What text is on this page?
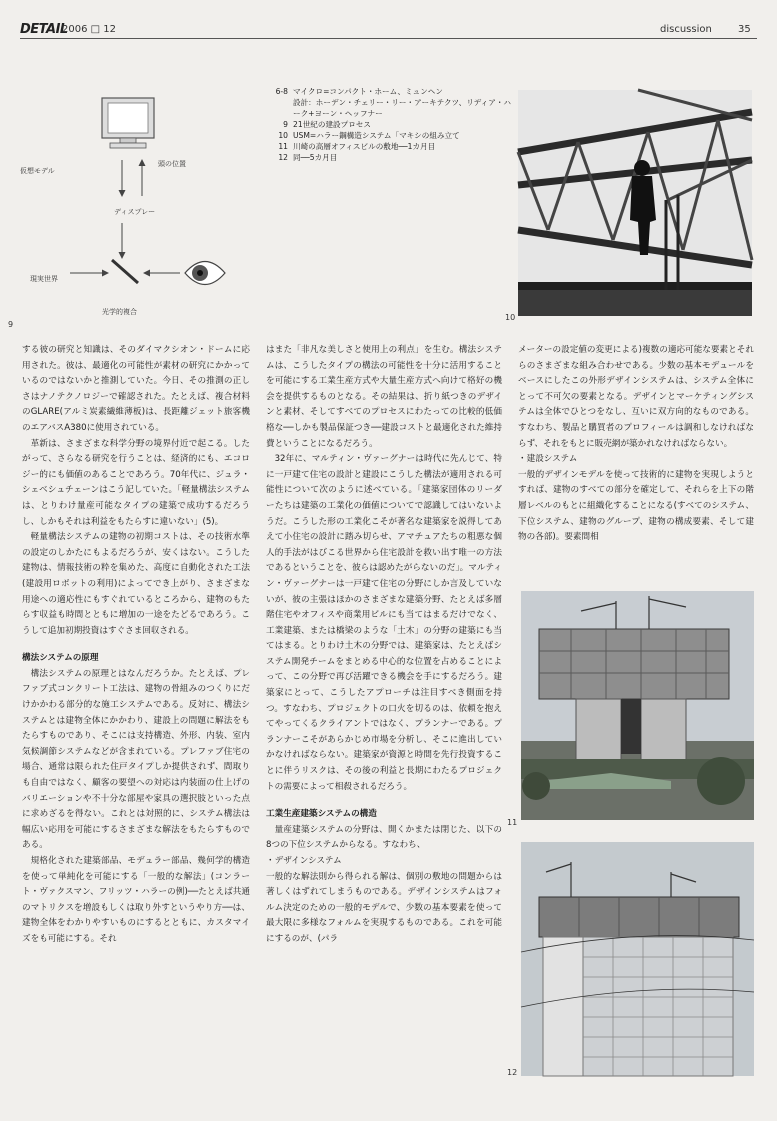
DETAIL
2006 □ 12	discussion	35
仮想モデル
頭の位置
ディスプレー
現実世界
光学的複合
9
6-8 マイクロ=コンパクト・ホーム、ミュンヘン
設計：ホーデン・チェリー・リー・アーキテクツ、リディア・ハーク+ヨーン・ヘッフナー
9 21世紀の建設プロセス
10 USM=ハラー鋼構造システム「マキシの組み立て
11 川崎の高層オフィスビルの敷地──1カ月目
12 同──5カ月目
10
11
12

する彼の研究と知識は、そのダイマクシオン・ドームに応用された。彼は、最適化の可能性が素材の研究にかかっているのではないかと推測していた。今日、その推測の正しさはナノテクノロジーで確認された。たとえば、複合材料のGLARE(アルミ炭素繊維薄板)は、長距離ジェット旅客機のエアバスA380に使用されている。

革新は、さまざまな科学分野の境界付近で起こる。したがって、さらなる研究を行うことは、経済的にも、エコロジー的にも価値のあることであろう。70年代に、ジュラ・シェベシュチェーンはこう記していた。「軽量構法システムは、とりわけ量産可能なタイプの建築で成功するだろうし、しかもそれは利益をもたらすに違いない」(5)。

軽量構法システムの建物の初期コストは、その技術水準の設定のしかたにもよるだろうが、安くはない。こうした建物は、情報技術の粋を集めた、高度に自動化された工法(建設用ロボットの利用)によってでき上がり、さまざまな用途への適応性にもすぐれているところから、建物のもたらす収益も時間とともに増加の一途をたどるであろう。こうして追加初期投資はすぐさま回収される。

構法システムの原理

構法システムの原理とはなんだろうか。たとえば、プレファブ式コンクリート工法は、建物の骨組みのつくりにだけかかわる部分的な施工システムである。反対に、構法システムとは建物全体にかかわり、建設上の問題に解法をもたらすものであり、そこには支持構造、外形、内装、室内気候調節システムなどが含まれている。プレファブ住宅の場合、通常は限られた住戸タイプしか提供されず、間取りも自由ではなく、顧客の要望への対応は内装面の仕上げのバリエーションや不十分な部屋や家具の選択肢といった点に求めざるを得ない。これとは対照的に、システム構法は幅広い応用を可能にするさまざまな解法をもたらすものである。

規格化された建築部品、モデュラー部品、幾何学的構造を使って単純化を可能にする「一般的な解法」(コンラート・ヴァクスマン、フリッツ・ハラーの例)──たとえば共通のマトリクスを増設もしくは取り外すというやり方──は、建物全体をわかりやすいものにするとともに、カスタマイズをも可能にする。それ

はまた「非凡な美しさと使用上の利点」を生む。構法システムは、こうしたタイプの構法の可能性を十分に活用することを可能にする工業生産方式や大量生産方式へ向けて格好の機会を提供するものとなる。その結果は、折り紙つきのデザインと素材、そしてすべてのプロセスにわたっての比較的低価格な──しかも製品保証つき──建設コストと最適化された維持費ということになるだろう。

32年に、マルティン・ヴァーグナーは時代に先んじて、特に一戸建て住宅の設計と建設にこうした構法が適用される可能性について次のように述べている。「建築家団体のリーダーたちは建築の工業化の価値についてで認識してはいないようだ。こうした形の工業化こそが著名な建築家を説得してあえて小住宅の設計に踏み切らせ、アマチュアたちの粗悪な個人的手法がはびこる世界から住宅設計を救い出す唯一の方法であるということを、彼らは認めたがらないのだ」。マルティン・ヴァーグナーは一戸建て住宅の分野にしか言及していないが、彼の主張はほかのさまざまな建築分野、たとえば多層階住宅やオフィスや商業用ビルにも当てはまるだけでなく、工業建築、または橋梁のような「土木」の分野の建築にも当てはまる。とりわけ土木の分野では、建築家は、たとえばシステム開発チームをまとめる中心的な位置を占めることによって、この分野で再び活躍できる機会を手にするだろう。建築家にとって、こうしたアプローチは注目すべき側面を持つ。すなわち、プロジェクトの口火を切るのは、依頼を抱えてやってくるクライアントではなく、プランナーである。プランナーこそがあらかじめ市場を分析し、そこに進出していかなければならない。建築家が資源と時間を先行投資することに伴うリスクは、その後の利益と長期にわたるプロジェクトの需要によって相殺されるだろう。

工業生産建築システムの構造

量産建築システムの分野は、開くかまたは閉じた、以下の8つの下位システムからなる。すなわち、

・デザインシステム

一般的な解法則から得られる解は、個別の敷地の問題からは著しくはずれてしまうものである。デザインシステムはフォルム決定のための一般的モデルで、少数の基本要素を使って最大限に多様なフォルムを実現するものである。これを可能にするのが、(パラ

メーターの設定値の変更による)複数の適応可能な要素とそれらのさまざまな組み合わせである。少数の基本モデュールをベースにしたこの外形デザインシステムは、システム全体にとって不可欠の要素となる。デザインとマーケティングシステムは全体でひとつをなし、互いに双方向的なものである。すなわち、製品と購買者のプロフィールは調和しなければならず、それをもとに販売網が築かれなければならない。

・建設システム

一般的デザインモデルを使って技術的に建物を実現しようとすれば、建物のすべての部分を確定して、それらを上下の階層レベルのもとに組織化することになる(すべてのシステム、下位システム、建物のグループ、建物の構成要素、そして建物の各部)。要素間相
